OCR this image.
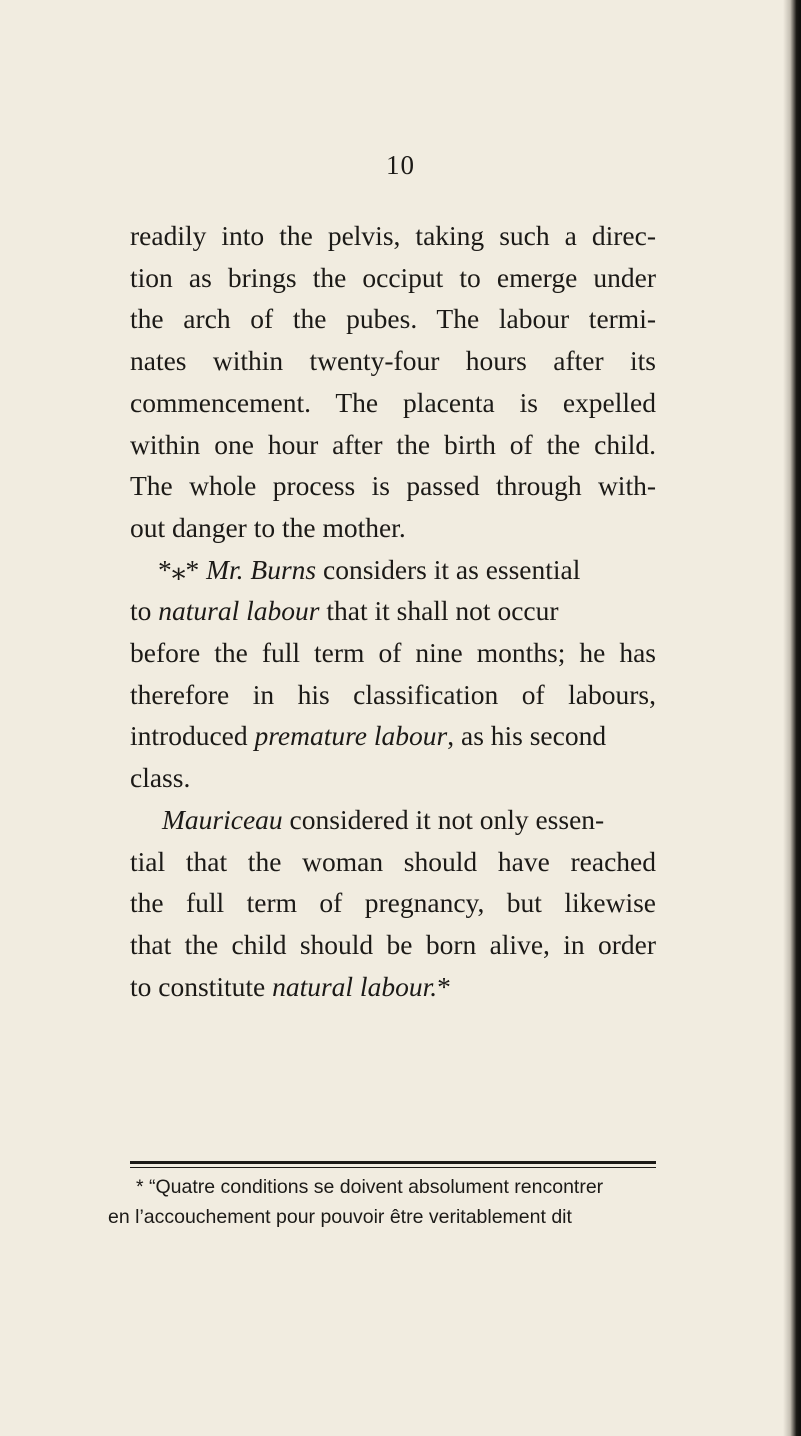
10
readily into the pelvis, taking such a direc-
tion as brings the occiput to emerge under
the arch of the pubes. The labour termi-
nates within twenty-four hours after its
commencement. The placenta is expelled
within one hour after the birth of the child.
The whole process is passed through with-
out danger to the mother.
*⁎* Mr. Burns considers it as essential
to natural labour that it shall not occur
before the full term of nine months; he has
therefore in his classification of labours,
introduced premature labour, as his second
class.
Mauriceau considered it not only essen-
tial that the woman should have reached
the full term of pregnancy, but likewise
that the child should be born alive, in order
to constitute natural labour.*
* “Quatre conditions se doivent absolument rencontrer
en l’accouchement pour pouvoir être veritablement dit
